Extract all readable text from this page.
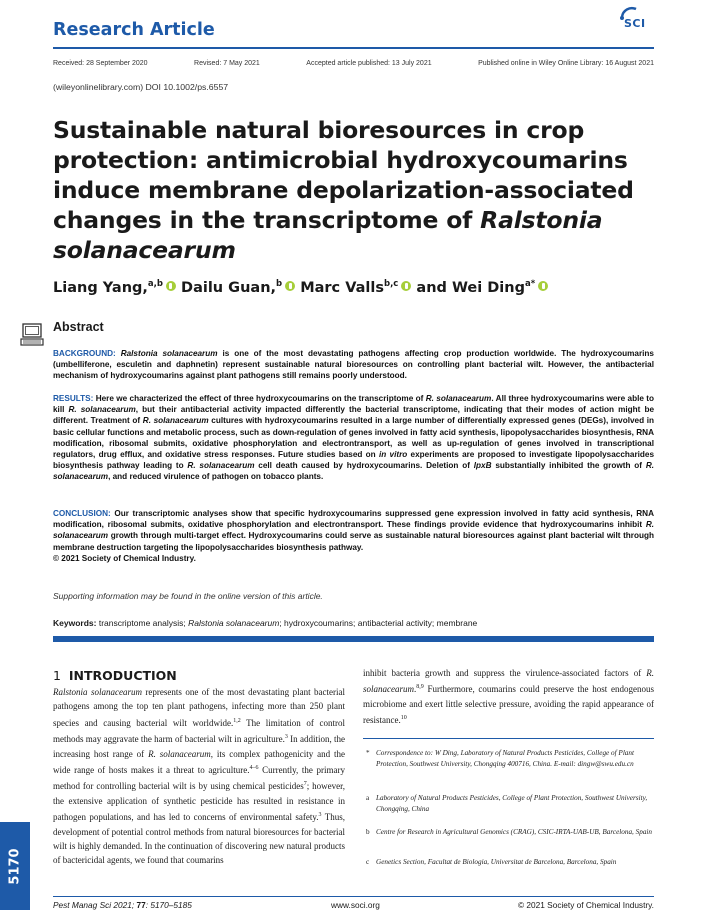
Research Article	SCI
Received: 28 September 2020	Revised: 7 May 2021	Accepted article published: 13 July 2021	Published online in Wiley Online Library: 16 August 2021
(wileyonlinelibrary.com) DOI 10.1002/ps.6557
Sustainable natural bioresources in crop
protection: antimicrobial hydroxycoumarins
induce membrane depolarization-associated
changes in the transcriptome of Ralstonia
solanacearum
Liang Yang,$^{a,b}$ Dailu Guan,$^b$ Marc Valls$^{b,c}$ and Wei Ding$^{a*}$
Abstract
BACKGROUND: Ralstonia solanacearum is one of the most devastating pathogens affecting crop production worldwide. The hydroxycoumarins (umbelliferone, esculetin and daphnetin) represent sustainable natural bioresources on controlling plant bacterial wilt. However, the antibacterial mechanism of hydroxycoumarins against plant pathogens still remains poorly understood.
RESULTS: Here we characterized the effect of three hydroxycoumarins on the transcriptome of R. solanacearum. All three hydroxycoumarins were able to kill R. solanacearum, but their antibacterial activity impacted differently the bacterial transcriptome, indicating that their modes of action might be different. Treatment of R. solanacearum cultures with hydroxycoumarins resulted in a large number of differentially expressed genes (DEGs), involved in basic cellular functions and metabolic process, such as down-regulation of genes involved in fatty acid synthesis, lipopolysaccharides biosynthesis, RNA modification, ribosomal submits, oxidative phosphorylation and electrontransport, as well as up-regulation of genes involved in transcriptional regulators, drug efflux, and oxidative stress responses. Future studies based on in vitro experiments are proposed to investigate lipopolysaccharides biosynthesis pathway leading to R. solanacearum cell death caused by hydroxycoumarins. Deletion of lpxB substantially inhibited the growth of R. solanacearum, and reduced virulence of pathogen on tobacco plants.
CONCLUSION: Our transcriptomic analyses show that specific hydroxycoumarins suppressed gene expression involved in fatty acid synthesis, RNA modification, ribosomal submits, oxidative phosphorylation and electrontransport. These findings provide evidence that hydroxycoumarins inhibit R. solanacearum growth through multi-target effect. Hydroxycoumarins could serve as sustainable natural bioresources against plant bacterial wilt through membrane destruction targeting the lipopolysaccharides biosynthesis pathway.
© 2021 Society of Chemical Industry.
Supporting information may be found in the online version of this article.
Keywords: transcriptome analysis; Ralstonia solanacearum; hydroxycoumarins; antibacterial activity; membrane
1 INTRODUCTION
Ralstonia solanacearum represents one of the most devastating plant bacterial pathogens among the top ten plant pathogens, infecting more than 250 plant species and causing bacterial wilt worldwide.$^{1,2}$ The limitation of control methods may aggravate the harm of bacterial wilt in agriculture.$^3$ In addition, the increasing host range of R. solanacearum, its complex pathogenicity and the wide range of hosts makes it a threat to agriculture.$^{4-6}$ Currently, the primary method for controlling bacterial wilt is by using chemical pesticides$^7$; however, the extensive application of synthetic pesticide has resulted in resistance in pathogen populations, and has led to concerns of environmental safety.$^3$ Thus, development of potential control methods from natural bioresources for bacterial wilt is highly demanded. In the continuation of discovering new natural products of bactericidal agents, we found that coumarins
inhibit bacteria growth and suppress the virulence-associated factors of R. solanacearum.$^{8,9}$ Furthermore, coumarins could preserve the host endogenous microbiome and exert little selective pressure, avoiding the rapid appearance of resistance.$^{10}$
* Correspondence to: W Ding, Laboratory of Natural Products Pesticides, College of Plant Protection, Southwest University, Chongqing 400716, China. E-mail: dingw@swu.edu.cn
a Laboratory of Natural Products Pesticides, College of Plant Protection, Southwest University, Chongqing, China
b Centre for Research in Agricultural Genomics (CRAG), CSIC-IRTA-UAB-UB, Barcelona, Spain
c Genetics Section, Facultat de Biologia, Universitat de Barcelona, Barcelona, Spain
5170
Pest Manag Sci 2021; 77: 5170–5185	www.soci.org	© 2021 Society of Chemical Industry.
